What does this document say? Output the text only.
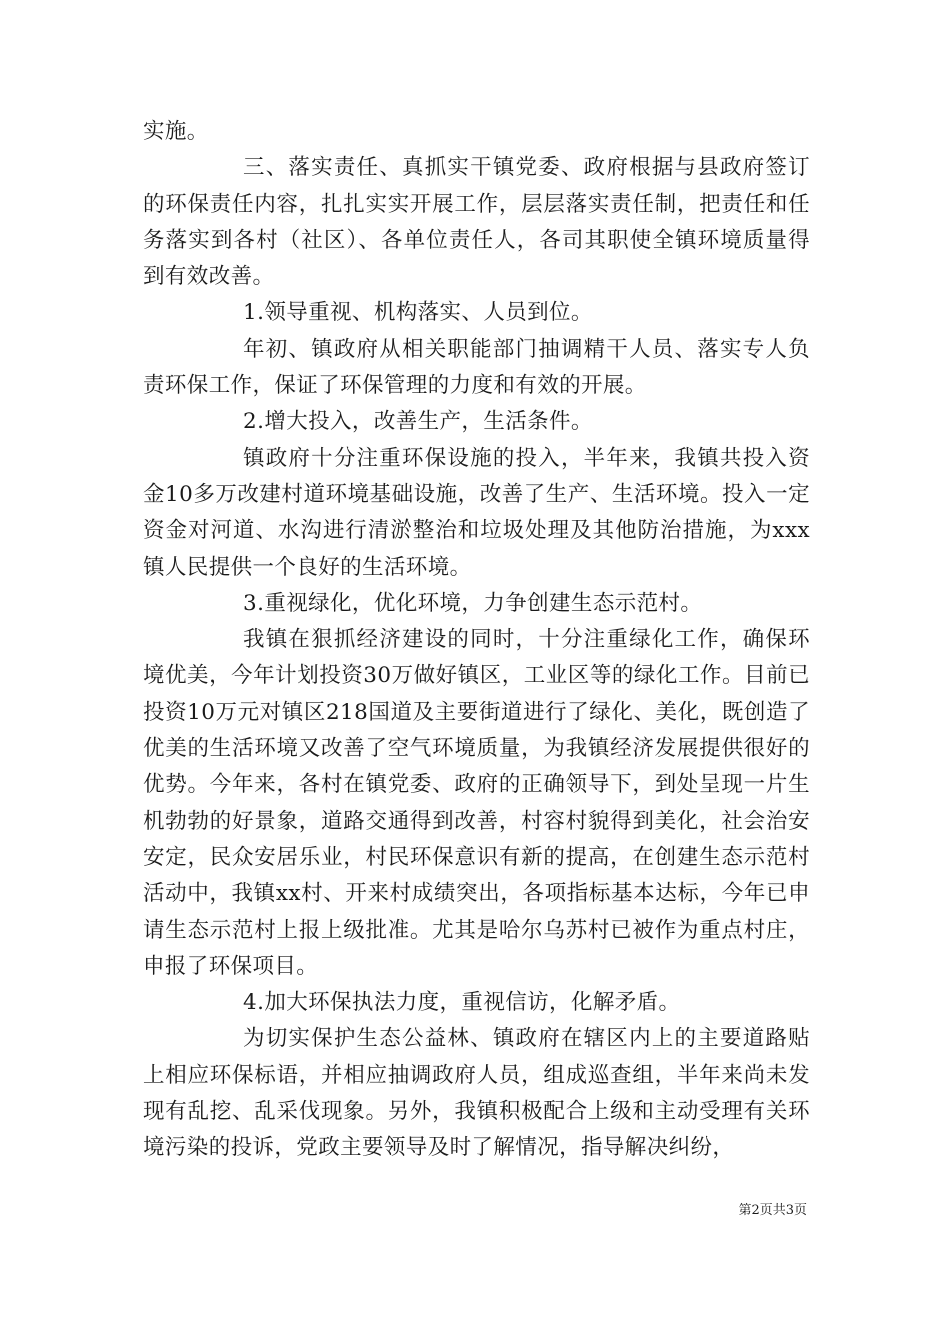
实施。

三、落实责任、真抓实干镇党委、政府根据与县政府签订的环保责任内容，扎扎实实开展工作，层层落实责任制，把责任和任务落实到各村（社区）、各单位责任人，各司其职使全镇环境质量得到有效改善。

1.领导重视、机构落实、人员到位。

年初、镇政府从相关职能部门抽调精干人员、落实专人负责环保工作，保证了环保管理的力度和有效的开展。

2.增大投入，改善生产，生活条件。

镇政府十分注重环保设施的投入，半年来，我镇共投入资金10多万改建村道环境基础设施，改善了生产、生活环境。投入一定资金对河道、水沟进行清淤整治和垃圾处理及其他防治措施，为xxx镇人民提供一个良好的生活环境。

3.重视绿化，优化环境，力争创建生态示范村。

我镇在狠抓经济建设的同时，十分注重绿化工作，确保环境优美，今年计划投资30万做好镇区，工业区等的绿化工作。目前已投资10万元对镇区218国道及主要街道进行了绿化、美化，既创造了优美的生活环境又改善了空气环境质量，为我镇经济发展提供很好的优势。今年来，各村在镇党委、政府的正确领导下，到处呈现一片生机勃勃的好景象，道路交通得到改善，村容村貌得到美化，社会治安安定，民众安居乐业，村民环保意识有新的提高，在创建生态示范村活动中，我镇xx村、开来村成绩突出，各项指标基本达标，今年已申请生态示范村上报上级批准。尤其是哈尔乌苏村已被作为重点村庄，申报了环保项目。

4.加大环保执法力度，重视信访，化解矛盾。

为切实保护生态公益林、镇政府在辖区内上的主要道路贴上相应环保标语，并相应抽调政府人员，组成巡查组，半年来尚未发现有乱挖、乱采伐现象。另外，我镇积极配合上级和主动受理有关环境污染的投诉，党政主要领导及时了解情况，指导解决纠纷，

第2页共3页
